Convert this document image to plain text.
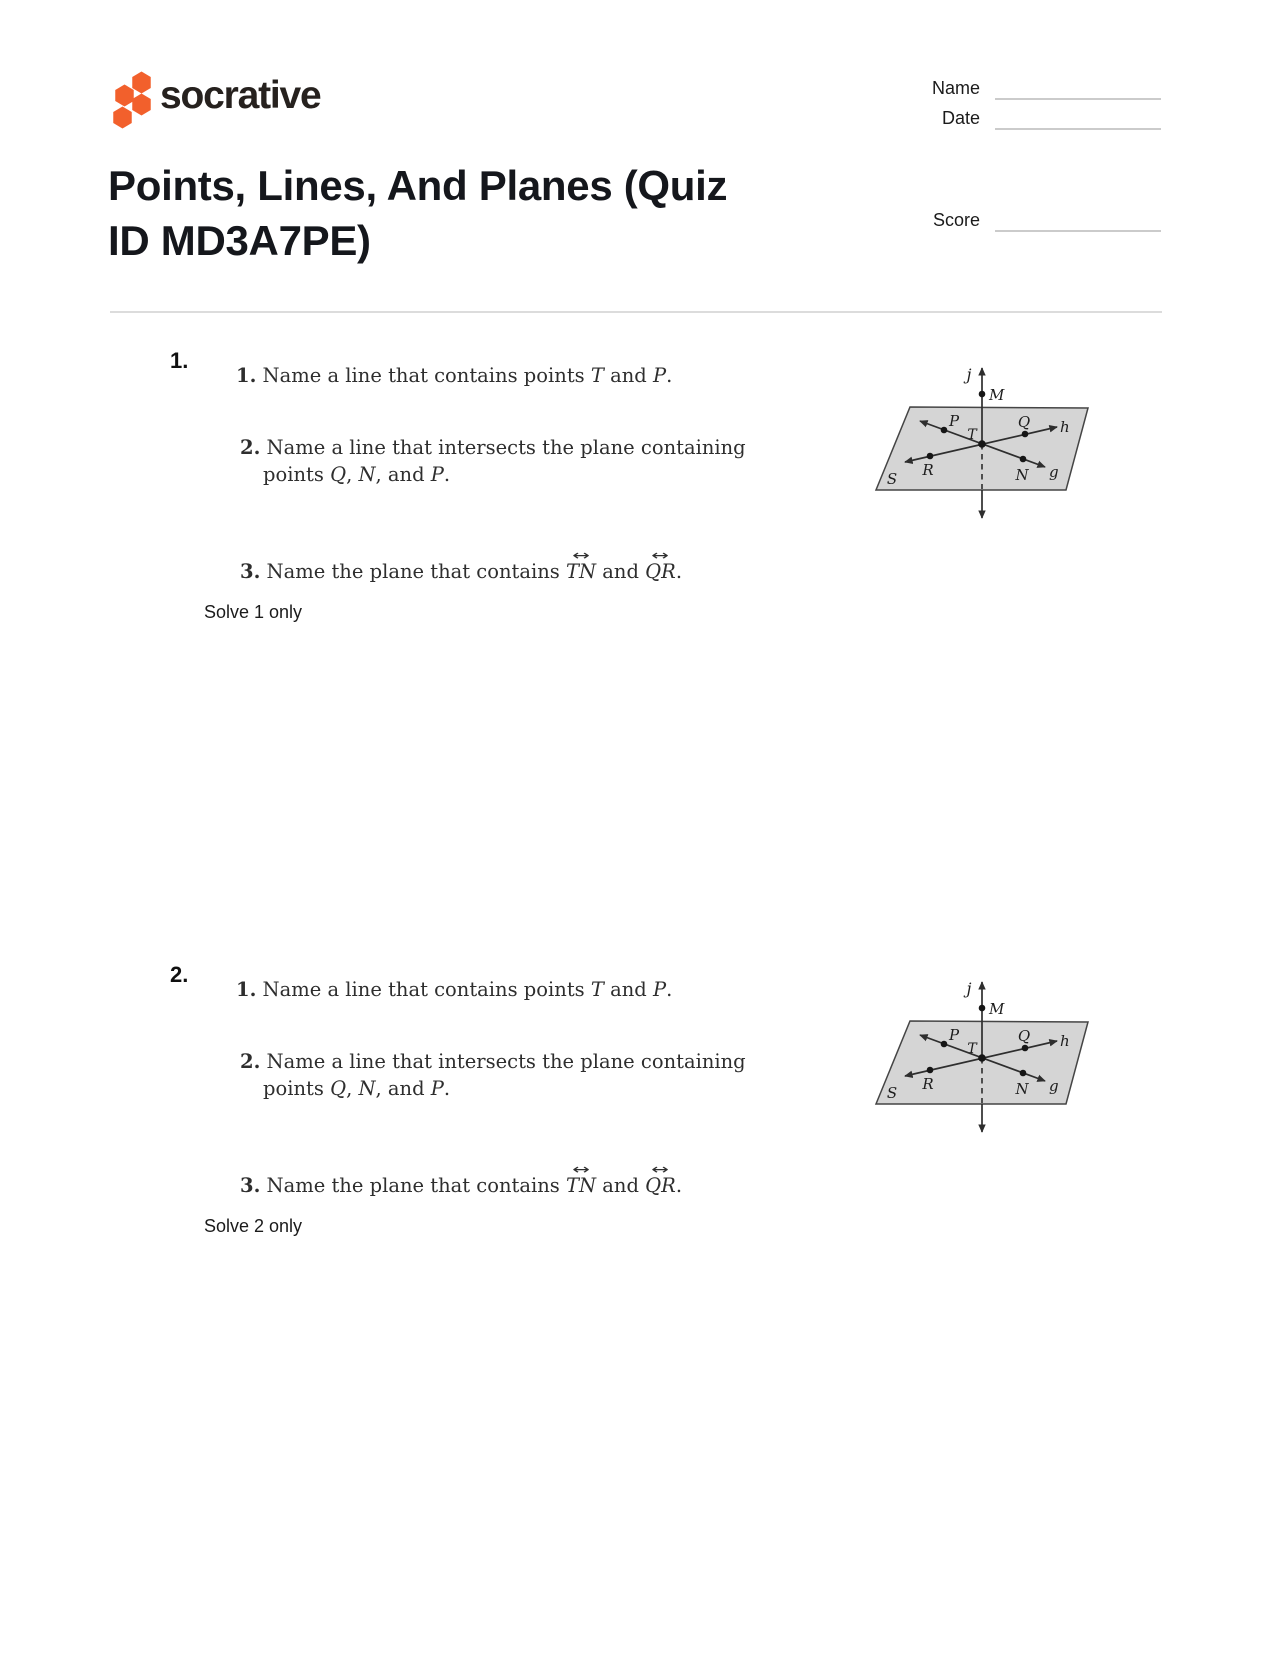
socrative	Name
Date
Score
Points, Lines, And Planes (Quiz
ID MD3A7PE)
1.
1. Name a line that contains points T and P.
2. Name a line that intersects the plane containing
points Q, N, and P.
3. Name the plane that contains
↔
TN and
↔
QR.
Solve 1 only
j
M
P
T
Q h
R	N g
S
2.
1. Name a line that contains points T and P.
2. Name a line that intersects the plane containing
points Q, N, and P.
3. Name the plane that contains
↔
TN and
↔
QR.
Solve 2 only
j
M
P
T
Q h
R	N g
S
